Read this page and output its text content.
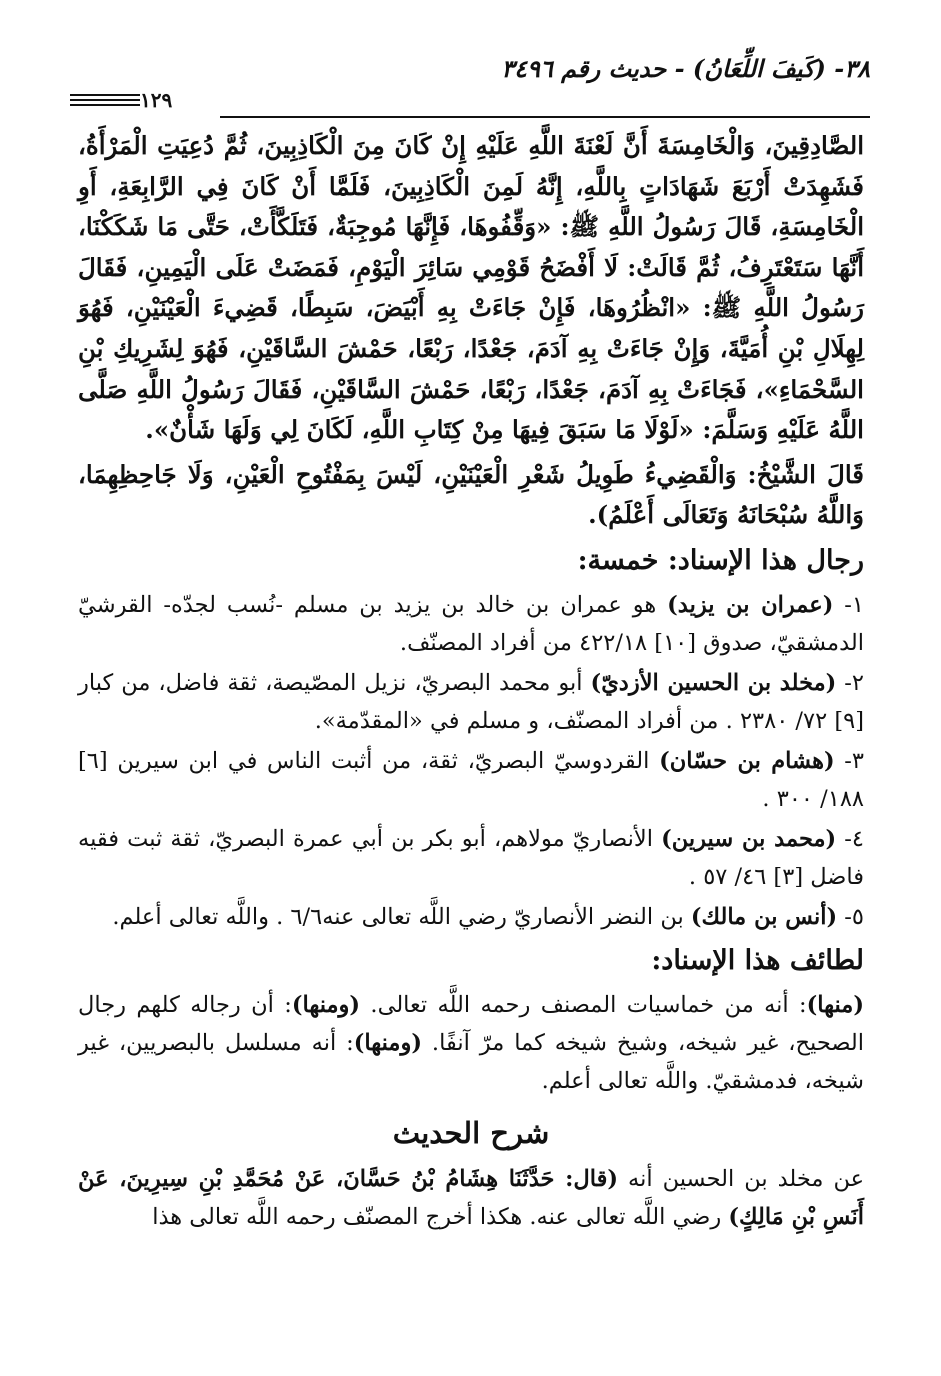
٣٨- (كَيفَ اللِّعَانُ) - حديث رقم ٣٤٩٦
١٢٩

الصَّادِقِينَ، وَالْخَامِسَةَ أَنَّ لَعْنَةَ اللَّهِ عَلَيْهِ إِنْ كَانَ مِنَ الْكَاذِبِينَ، ثُمَّ دُعِيَتِ الْمَرْأَةُ، فَشَهِدَتْ أَرْبَعَ شَهَادَاتٍ بِاللَّهِ، إِنَّهُ لَمِنَ الْكَاذِبِينَ، فَلَمَّا أَنْ كَانَ فِي الرَّابِعَةِ، أَوِ الْخَامِسَةِ، قَالَ رَسُولُ اللَّهِ ﷺ: «وَقِّفُوهَا، فَإِنَّهَا مُوجِبَةٌ، فَتَلَكَّأَتْ، حَتَّى مَا شَكَكْنَا، أَنَّهَا سَتَعْتَرِفُ، ثُمَّ قَالَتْ: لَا أَفْضَحُ قَوْمِي سَائِرَ الْيَوْمِ، فَمَضَتْ عَلَى الْيَمِينِ، فَقَالَ رَسُولُ اللَّهِ ﷺ: «انْظُرُوهَا، فَإِنْ جَاءَتْ بِهِ أَبْيَضَ، سَبِطًا، قَضِيءَ الْعَيْنَيْنِ، فَهُوَ لِهِلَالِ بْنِ أُمَيَّةَ، وَإِنْ جَاءَتْ بِهِ آدَمَ، جَعْدًا، رَبْعًا، حَمْشَ السَّاقَيْنِ، فَهُوَ لِشَرِيكِ بْنِ السَّحْمَاءِ»، فَجَاءَتْ بِهِ آدَمَ، جَعْدًا، رَبْعًا، حَمْشَ السَّاقَيْنِ، فَقَالَ رَسُولُ اللَّهِ صَلَّى اللَّهُ عَلَيْهِ وَسَلَّمَ: «لَوْلَا مَا سَبَقَ فِيهَا مِنْ كِتَابِ اللَّهِ، لَكَانَ لِي وَلَهَا شَأْنٌ».

قَالَ الشَّيْخُ: وَالْقَضِيءُ طَوِيلُ شَعْرِ الْعَيْنَيْنِ، لَيْسَ بِمَفْتُوحِ الْعَيْنِ، وَلَا جَاحِظِهِمَا، وَاللَّهُ سُبْحَانَهُ وَتَعَالَى أَعْلَمُ).

رجال هذا الإسناد: خمسة:

١- (عمران بن يزيد) هو عمران بن خالد بن يزيد بن مسلم -نُسب لجدّه- القرشيّ الدمشقيّ، صدوق [١٠] ٤٢٢/١٨ من أفراد المصنّف.

٢- (مخلد بن الحسين الأزديّ) أبو محمد البصريّ، نزيل المصّيصة، ثقة فاضل، من كبار [٩] ٧٢/ ٢٣٨٠ . من أفراد المصنّف، و مسلم في «المقدّمة».

٣- (هشام بن حسّان) القردوسيّ البصريّ، ثقة، من أثبت الناس في ابن سيرين [٦] ١٨٨/ ٣٠٠ .

٤- (محمد بن سيرين) الأنصاريّ مولاهم، أبو بكر بن أبي عمرة البصريّ، ثقة ثبت فقيه فاضل [٣] ٤٦/ ٥٧ .

٥- (أنس بن مالك) بن النضر الأنصاريّ رضي اللَّه تعالى عنه٦/٦ . واللَّه تعالى أعلم.

لطائف هذا الإسناد:

(منها): أنه من خماسيات المصنف رحمه اللَّه تعالى. (ومنها): أن رجاله كلهم رجال الصحيح، غير شيخه، وشيخ شيخه كما مرّ آنفًا. (ومنها): أنه مسلسل بالبصريين، غير شيخه، فدمشقيّ. واللَّه تعالى أعلم.

شرح الحديث

عن مخلد بن الحسين أنه (قال: حَدَّثَنَا هِشَامُ بْنُ حَسَّانَ، عَنْ مُحَمَّدِ بْنِ سِيرِينَ، عَنْ أَنَسِ بْنِ مَالِكٍ) رضي اللَّه تعالى عنه. هكذا أخرج المصنّف رحمه اللَّه تعالى هذا
